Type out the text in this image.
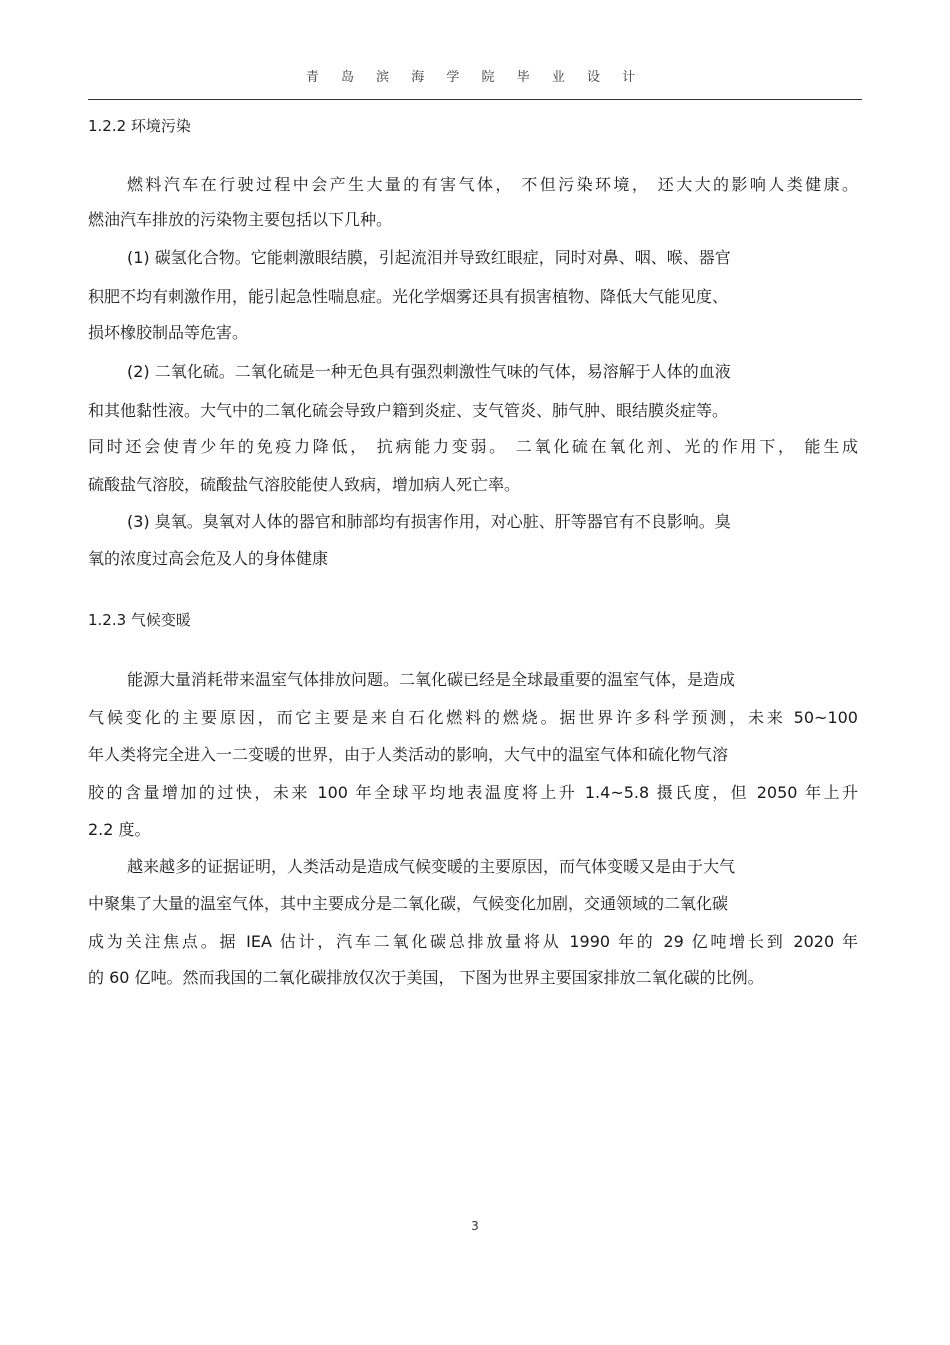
青 岛 滨 海 学 院 毕 业 设 计
1.2.2 环境污染
燃料汽车在行驶过程中会产生大量的有害气体， 不但污染环境， 还大大的影响人类健康。
燃油汽车排放的污染物主要包括以下几种。
(1) 碳氢化合物。它能刺激眼结膜，引起流泪并导致红眼症，同时对鼻、咽、喉、器官
积肥不均有刺激作用，能引起急性喘息症。光化学烟雾还具有损害植物、降低大气能见度、
损坏橡胶制品等危害。
(2) 二氧化硫。二氧化硫是一种无色具有强烈刺激性气味的气体，易溶解于人体的血液
和其他黏性液。大气中的二氧化硫会导致户籍到炎症、支气管炎、肺气肿、眼结膜炎症等。
同时还会使青少年的免疫力降低， 抗病能力变弱。 二氧化硫在氧化剂、光的作用下， 能生成
硫酸盐气溶胶，硫酸盐气溶胶能使人致病，增加病人死亡率。
(3) 臭氧。臭氧对人体的器官和肺部均有损害作用，对心脏、肝等器官有不良影响。臭
氧的浓度过高会危及人的身体健康
1.2.3 气候变暖
能源大量消耗带来温室气体排放问题。二氧化碳已经是全球最重要的温室气体，是造成
气候变化的主要原因，而它主要是来自石化燃料的燃烧。据世界许多科学预测，未来 50~100
年人类将完全进入一二变暖的世界，由于人类活动的影响，大气中的温室气体和硫化物气溶
胶的含量增加的过快，未来 100 年全球平均地表温度将上升 1.4~5.8 摄氏度，但 2050 年上升
2.2 度。
越来越多的证据证明，人类活动是造成气候变暖的主要原因，而气体变暖又是由于大气
中聚集了大量的温室气体，其中主要成分是二氧化碳，气候变化加剧，交通领域的二氧化碳
成为关注焦点。据 IEA 估计，汽车二氧化碳总排放量将从 1990 年的 29 亿吨增长到 2020 年
的 60 亿吨。然而我国的二氧化碳排放仅次于美国， 下图为世界主要国家排放二氧化碳的比例。
3
